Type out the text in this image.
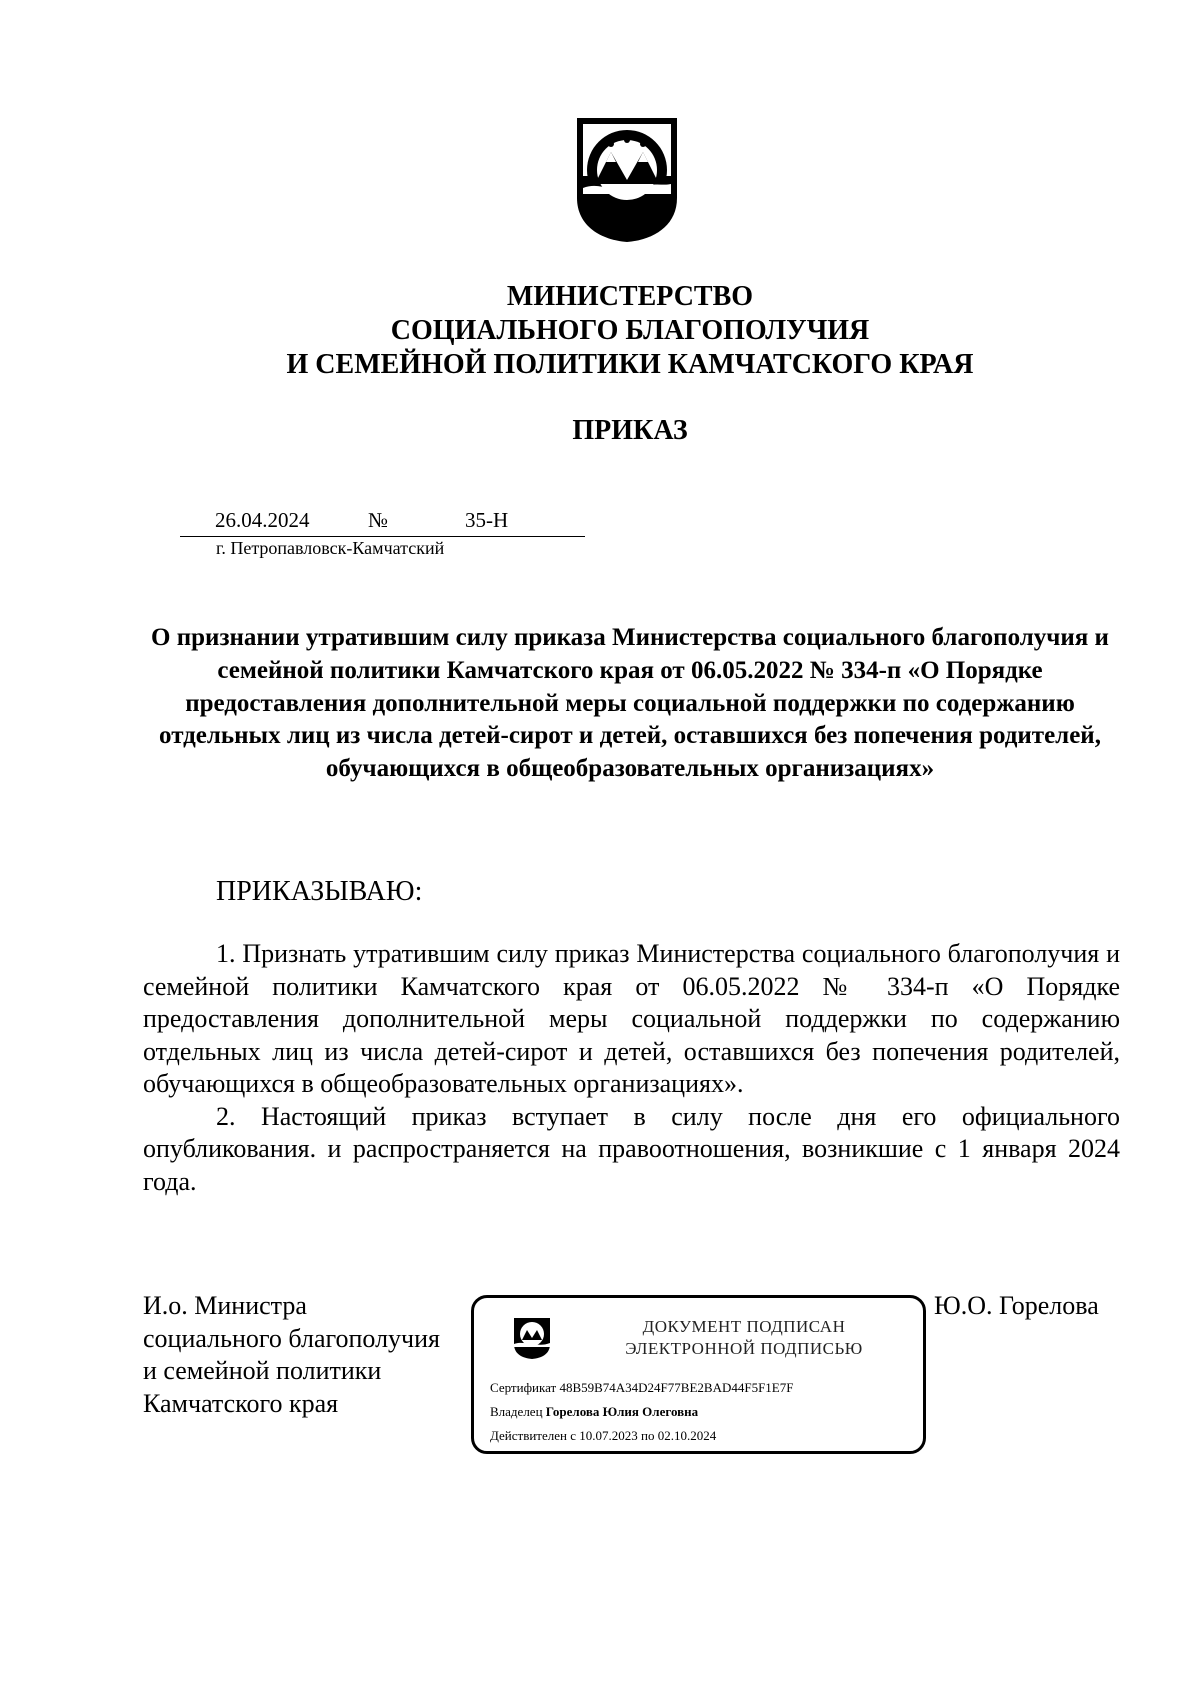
МИНИСТЕРСТВО
СОЦИАЛЬНОГО БЛАГОПОЛУЧИЯ
И СЕМЕЙНОЙ ПОЛИТИКИ КАМЧАТСКОГО КРАЯ
ПРИКАЗ
26.04.2024	№	35-Н
г. Петропавловск-Камчатский
О признании утратившим силу приказа Министерства социального благополучия и семейной политики Камчатского края от 06.05.2022 № 334-п «О Порядке предоставления дополнительной меры социальной поддержки по содержанию отдельных лиц из числа детей-сирот и детей, оставшихся без попечения родителей, обучающихся в общеобразовательных организациях»
ПРИКАЗЫВАЮ:

1. Признать утратившим силу приказ Министерства социального благополучия и семейной политики Камчатского края от 06.05.2022 № 334-п «О Порядке предоставления дополнительной меры социальной поддержки по содержанию отдельных лиц из числа детей-сирот и детей, оставшихся без попечения родителей, обучающихся в общеобразовательных организациях».

2. Настоящий приказ вступает в силу после дня его официального опубликования. и распространяется на правоотношения, возникшие с 1 января 2024 года.

И.о. Министра
социального благополучия
и семейной политики
Камчатского края
Ю.О. Горелова
ДОКУМЕНТ ПОДПИСАН
ЭЛЕКТРОННОЙ ПОДПИСЬЮ
Сертификат 48B59B74A34D24F77BE2BAD44F5F1E7F
Владелец Горелова Юлия Олеговна
Действителен с 10.07.2023 по 02.10.2024
